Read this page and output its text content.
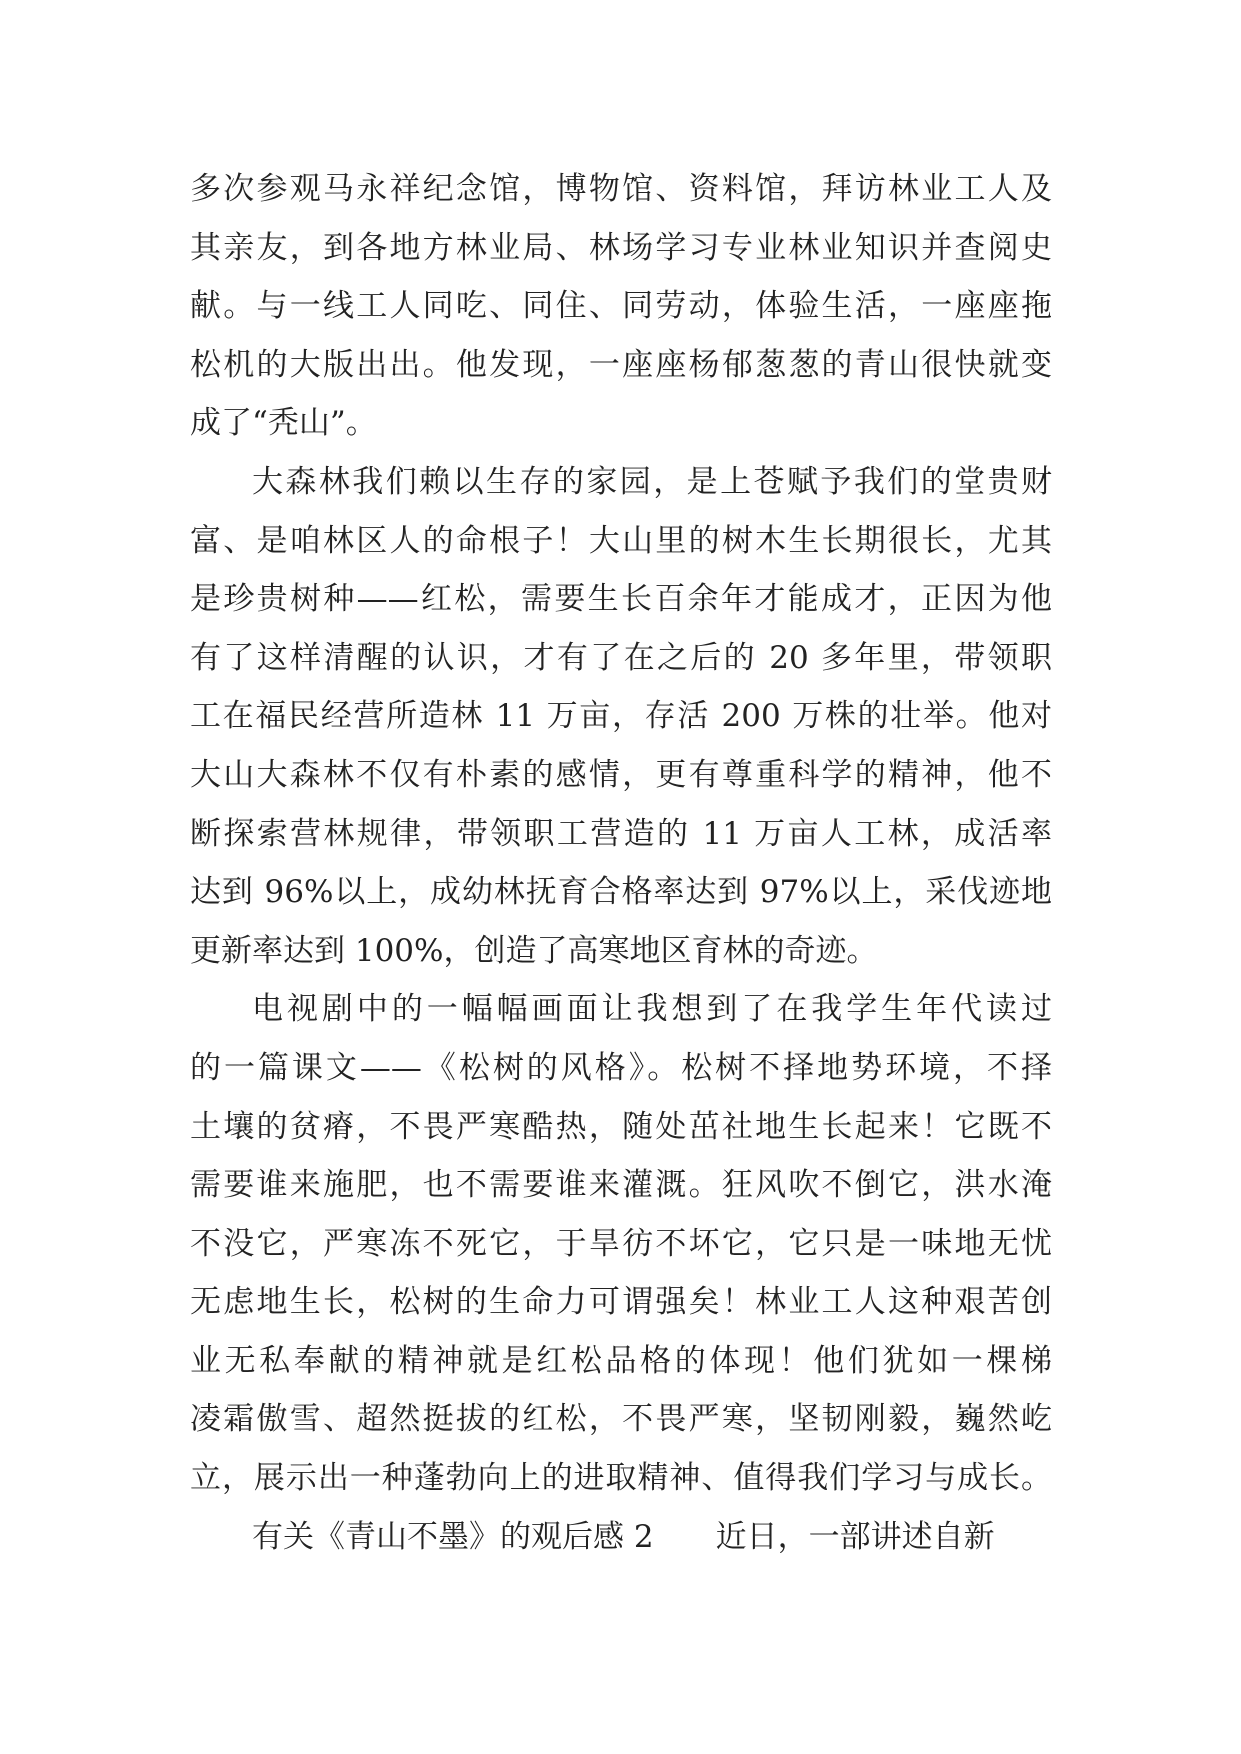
多次参观马永祥纪念馆，博物馆、资料馆，拜访林业工人及
其亲友，到各地方林业局、林场学习专业林业知识并查阅史
献。与一线工人同吃、同住、同劳动，体验生活，一座座拖
松机的大版出出。他发现，一座座杨郁葱葱的青山很快就变
成了“秃山”。
大森林我们赖以生存的家园，是上苍赋予我们的堂贵财
富、是咱林区人的命根子！大山里的树木生长期很长，尤其
是珍贵树种——红松，需要生长百余年才能成才，正因为他
有了这样清醒的认识，才有了在之后的 20 多年里，带领职
工在福民经营所造林 11 万亩，存活 200 万株的壮举。他对
大山大森林不仅有朴素的感情，更有尊重科学的精神，他不
断探索营林规律，带领职工营造的 11 万亩人工林，成活率
达到 96%以上，成幼林抚育合格率达到 97%以上，采伐迹地
更新率达到 100%，创造了高寒地区育林的奇迹。
电视剧中的一幅幅画面让我想到了在我学生年代读过
的一篇课文——《松树的风格》。松树不择地势环境，不择
土壤的贫瘠，不畏严寒酷热，随处茁社地生长起来！它既不
需要谁来施肥，也不需要谁来灌溉。狂风吹不倒它，洪水淹
不没它，严寒冻不死它，于旱彷不坏它，它只是一味地无忧
无虑地生长，松树的生命力可谓强矣！林业工人这种艰苦创
业无私奉献的精神就是红松品格的体现！他们犹如一棵梯
凌霜傲雪、超然挺拔的红松，不畏严寒，坚韧刚毅，巍然屹
立，展示出一种蓬勃向上的进取精神、值得我们学习与成长。
有关《青山不墨》的观后感 2　　近日，一部讲述自新
